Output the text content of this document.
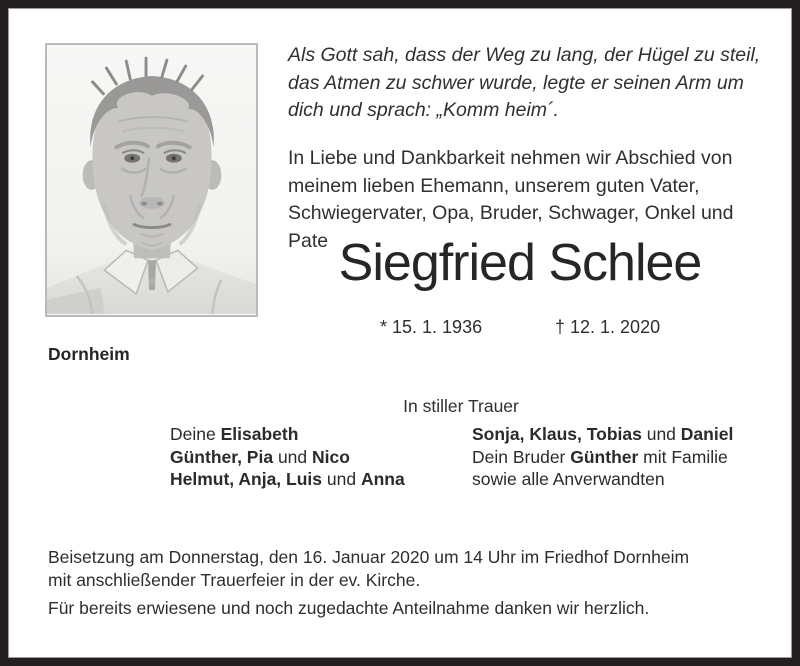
Als Gott sah, dass der Weg zu lang, der Hügel zu steil,
das Atmen zu schwer wurde, legte er seinen Arm um
dich und sprach: „Komm heim´.
In Liebe und Dankbarkeit nehmen wir Abschied von
meinem lieben Ehemann, unserem guten Vater,
Schwiegervater, Opa, Bruder, Schwager, Onkel und Pate Siegfried Schlee
* 15. 1. 1936	† 12. 1. 2020
Dornheim
In stiller Trauer
Deine Elisabeth
Günther, Pia und Nico
Helmut, Anja, Luis und Anna
Sonja, Klaus, Tobias und Daniel
Dein Bruder Günther mit Familie
sowie alle Anverwandten
Beisetzung am Donnerstag, den 16. Januar 2020 um 14 Uhr im Friedhof Dornheim
mit anschließender Trauerfeier in der ev. Kirche.
Für bereits erwiesene und noch zugedachte Anteilnahme danken wir herzlich.
